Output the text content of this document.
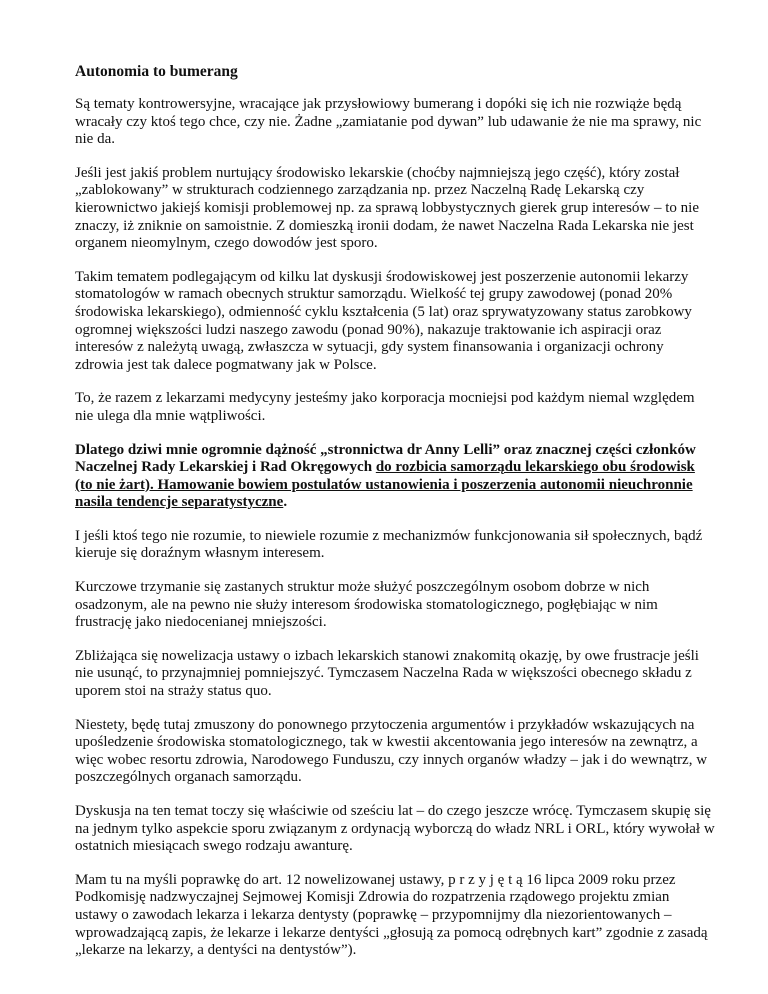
Autonomia to bumerang

Są tematy kontrowersyjne, wracające jak przysłowiowy bumerang i dopóki się ich nie rozwiąże będą wracały czy ktoś tego chce, czy nie. Żadne „zamiatanie pod dywan” lub udawanie że nie ma sprawy, nic nie da.

Jeśli jest jakiś problem nurtujący środowisko lekarskie (choćby najmniejszą jego część), który został „zablokowany” w strukturach codziennego zarządzania np. przez Naczelną Radę Lekarską czy kierownictwo jakiejś komisji problemowej np. za sprawą lobbystycznych gierek grup interesów – to nie znaczy, iż zniknie on samoistnie. Z domieszką ironii dodam, że nawet Naczelna Rada Lekarska nie jest organem nieomylnym, czego dowodów jest sporo.

Takim tematem podlegającym od kilku lat dyskusji środowiskowej jest poszerzenie autonomii lekarzy stomatologów w ramach obecnych struktur samorządu. Wielkość tej grupy zawodowej (ponad 20% środowiska lekarskiego), odmienność cyklu kształcenia (5 lat) oraz sprywatyzowany status zarobkowy ogromnej większości ludzi naszego zawodu (ponad 90%), nakazuje traktowanie ich aspiracji oraz interesów z należytą uwagą, zwłaszcza w sytuacji, gdy system finansowania i organizacji ochrony zdrowia jest tak dalece pogmatwany jak w Polsce.

To, że razem z lekarzami medycyny jesteśmy jako korporacja mocniejsi pod każdym niemal względem nie ulega dla mnie wątpliwości.

Dlatego dziwi mnie ogromnie dążność „stronnictwa dr Anny Lelli” oraz znacznej części członków Naczelnej Rady Lekarskiej i Rad Okręgowych do rozbicia samorządu lekarskiego obu środowisk (to nie żart). Hamowanie bowiem postulatów ustanowienia i poszerzenia autonomii nieuchronnie nasila tendencje separatystyczne.

I jeśli ktoś tego nie rozumie, to niewiele rozumie z mechanizmów funkcjonowania sił społecznych, bądź kieruje się doraźnym własnym interesem.

Kurczowe trzymanie się zastanych struktur może służyć poszczególnym osobom dobrze w nich osadzonym, ale na pewno nie służy interesom środowiska stomatologicznego, pogłębiając w nim frustrację jako niedocenianej mniejszości.

Zbliżająca się nowelizacja ustawy o izbach lekarskich stanowi znakomitą okazję, by owe frustracje jeśli nie usunąć, to przynajmniej pomniejszyć. Tymczasem Naczelna Rada w większości obecnego składu z uporem stoi na straży status quo.

Niestety, będę tutaj zmuszony do ponownego przytoczenia argumentów i przykładów wskazujących na upośledzenie środowiska stomatologicznego, tak w kwestii akcentowania jego interesów na zewnątrz, a więc wobec resortu zdrowia, Narodowego Funduszu, czy innych organów władzy – jak i do wewnątrz, w poszczególnych organach samorządu.

Dyskusja na ten temat toczy się właściwie od sześciu lat – do czego jeszcze wrócę. Tymczasem skupię się na jednym tylko aspekcie sporu związanym z ordynacją wyborczą do władz NRL i ORL, który wywołał w ostatnich miesiącach swego rodzaju awanturę.

Mam tu na myśli poprawkę do art. 12 nowelizowanej ustawy, p r z y j ę t ą 16 lipca 2009 roku przez Podkomisję nadzwyczajnej Sejmowej Komisji Zdrowia do rozpatrzenia rządowego projektu zmian ustawy o zawodach lekarza i lekarza dentysty (poprawkę – przypomnijmy dla niezorientowanych – wprowadzającą zapis, że lekarze i lekarze dentyści „głosują za pomocą odrębnych kart” zgodnie z zasadą „lekarze na lekarzy, a dentyści na dentystów”).
